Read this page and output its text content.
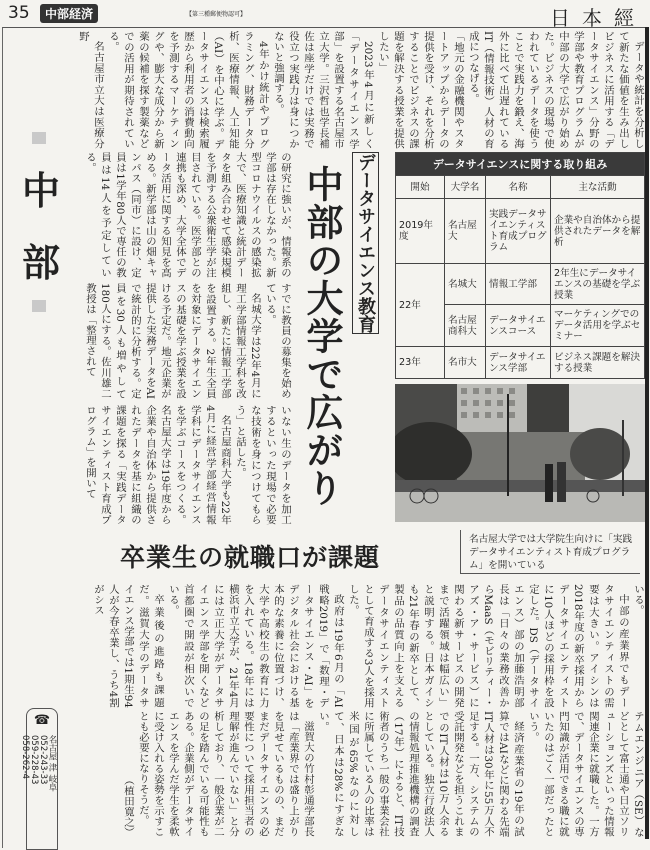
35	中部経済	【第三種郵便物認可】	日本經
中
部
☎
名古屋 津 岐阜
052-243-33
059-228-43
058-262-4

データや統計を分析して新たな価値を生み出しビジネスに活用する「データサイエンス」分野の学部や教育プログラムが中部の大学で広がり始めた。ビジネスの現場で使われているデータを使うことで実践力を鍛え、海外に比べて出遅れているIT（情報技術）人材の育成につなげる。

「地元の金融機関やスタートアップからデータの提供を受け、それを分析することでビジネスの課題を解決する授業を提供したい」

2023年4月に新しく「データサイエンス学部」を設置する名古屋市立大学。三沢哲也学長補佐は座学だけでは実務で役立つ実践力は身につかないと強調する。

4年かけ統計やプログラミング、財務データ分析、医療情報、人工知能（AI）を中心に学ぶ。データサイエンスは検索履歴から利用者の消費動向を予測するマーケティングや、膨大な成分から新薬の候補を探す製薬などでの活用が期待されている。

名古屋市立大は医療分野

の研究に強いが、情報系の学部は存在しなかった。新型コロナウイルスの感染拡大で、医療知識と統計データを組み合わせて感染規模を予測する公衆衛生学が注目されている。医学部との連携も深め、大学全体でデータ活用に関する知見を高める。新学部は山の畑キャンパス（同市）に設け、定員は1学年80人で専任の教員は14人を予定している。

すでに教員の募集を始めている。

名城大学は22年4月に理工学部情報工学科を改組し、新たに情報工学部を設置する。2年生全員を対象にデータサイエンスの基礎を学ぶ授業を設ける予定だ。地元企業が提供した実務データをAIで統計的に分析する。定員を30人も増やして180人にする。佐川雄二教授は「整理されて

いない生のデータを加工するといった現場で必要な技術を身につけてもらう」と話した。

名古屋商科大学も22年4月に経営学部経営情報学科にデータサイエンスを学ぶコースをつくる。名古屋大学は19年度から企業や自治体から提供されたデータを基に組織の課題を探る「実践データサイエンティスト育成プログラム」を開いて

データサイエンス教育
中部の大学で広がり
データサイエンスに関する取り組み			
開始	大学名	名称	主な活動
2019年度	名古屋大	実践データサイエンティスト育成プログラム	企業や自治体から提供されたデータを解析
22年	名城大	情報工学部	2年生にデータサイエンスの基礎を学ぶ授業
	名古屋商科大	データサイエンスコース	マーケティングでのデータ活用を学ぶセミナー
23年	名市大	データサイエンス学部	ビジネス課題を解決する授業
名古屋大学では大学院生向けに「実践データサイエンティスト育成プログラム」を開いている
卒業生の就職口が課題

いる。

中部の産業界でもデータサイエンティストの需要は大きい。アイシンは2018年度の新卒採用からデータサイエンティストに10人ほどの採用枠を設定した。DS（データサイエンス）部の加藤浩明部長は「日々の業務改善からMaaS（モビリティー・アズ・ア・サービス）に関わる新サービスの開発まで活躍領域は幅広い」と説明する。日本ガイシも21年春の新卒として、製品の品質向上を支えるデータサイエンティストとして育成する3人を採用した。

政府は19年6月の「AI戦略2019」で「数理・データサイエンス・AI」をデジタル社会における基本的な素養に位置づけ、大学や高校生の教育に力を入れている。18年には横浜市立大学が、21年4月には立正大学がデータサイエンス学部を開くなど首都圏で開設が相次いでいる。

卒業後の進路も課題だ。滋賀大学のデータサイエンス学部では1期生94人が今春卒業し、うち4割がシス

テムエンジニア（SE）などとして富士通や日立ソリューションズといった情報関連企業に就職した。一方で、データサイエンスの専門知識が活用できる職に就いたのはごく一部だったという。

経済産業省の19年の試算ではAIなどに関わる先端IT人材は30年に55万人不足する。一方、システムの受託開発などを担うこれまでのIT人材は10万人余るとしている。独立行政法人の情報処理推進機構の調査（17年）によると、IT技術者のうち一般の事業会社に所属している人の比率は米国が65%なのに対して、日本は28%にすぎない。

滋賀大の竹村彰通学部長は「産業界では盛り上がりを見せているものの、まだまだデータサイエンスの必要性について採用担当者の理解が進んでいない」と分析しており、一般企業が二の足を踏んでいる可能性もある。企業側がデータサイエンスを学んだ学生を柔軟に受け入れる姿勢を示すことも必要になりそうだ。

（植田寛之）
